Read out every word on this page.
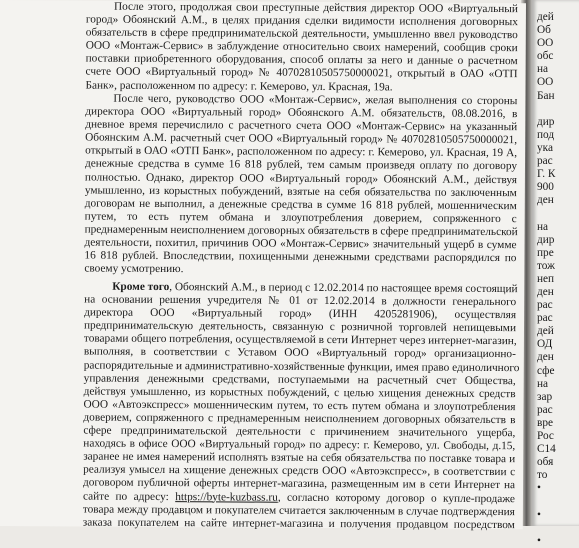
После этого, продолжая свои преступные действия директор ООО «Виртуальный
город» Обоянский А.М., в целях придания сделки видимости исполнения договорных
обязательств в сфере предпринимательской деятельности, умышленно ввел руководство
ООО «Монтаж-Сервис» в заблуждение относительно своих намерений, сообщив сроки
поставки приобретенного оборудования, способ оплаты за него и данные о расчетном
счете ООО «Виртуальный город» № 40702810505750000021, открытый в ОАО «ОТП
Банк», расположенном по адресу: г. Кемерово, ул. Красная, 19а.
После чего, руководство ООО «Монтаж-Сервис», желая выполнения со стороны
директора ООО «Виртуальный город» Обоянского А.М. обязательств, 08.08.2016, в
дневное время перечислило с расчетного счета ООО «Монтаж-Сервис» на указанный
Обоянским А.М. расчетный счет ООО «Виртуальный город» № 40702810505750000021,
открытый в ОАО «ОТП Банк», расположенном по адресу: г. Кемерово, ул. Красная, 19 А,
денежные средства в сумме 16 818 рублей, тем самым произведя оплату по договору
полностью. Однако, директор ООО «Виртуальный город» Обоянский А.М., действуя
умышленно, из корыстных побуждений, взятые на себя обязательства по заключенным
договорам не выполнил, а денежные средства в сумме 16 818 рублей, мошенническим
путем, то есть путем обмана и злоупотребления доверием, сопряженного с
преднамеренным неисполнением договорных обязательств в сфере предпринимательской
деятельности, похитил, причинив ООО «Монтаж-Сервис» значительный ущерб в сумме
16 818 рублей. Впоследствии, похищенными денежными средствами распорядился по
своему усмотрению.
Кроме того, Обоянский А.М., в период с 12.02.2014 по настоящее время состоящий
на основании решения учредителя № 01 от 12.02.2014 в должности генерального
директора ООО «Виртуальный город» (ИНН 4205281906), осуществляя
предпринимательскую деятельность, связанную с розничной торговлей непищевыми
товарами общего потребления, осуществляемой в сети Интернет через интернет-магазин,
выполняя, в соответствии с Уставом ООО «Виртуальный город» организационно-
распорядительные и административно-хозяйственные функции, имея право единоличного
управления денежными средствами, поступаемыми на расчетный счет Общества,
действуя умышленно, из корыстных побуждений, с целью хищения денежных средств
ООО «Автоэкспресс» мошенническим путем, то есть путем обмана и злоупотребления
доверием, сопряженного с преднамеренным неисполнением договорных обязательств в
сфере предпринимательской деятельности с причинением значительного ущерба,
находясь в офисе ООО «Виртуальный город» по адресу: г. Кемерово, ул. Свободы, д.15,
заранее не имея намерений исполнять взятые на себя обязательства по поставке товара и
реализуя умысел на хищение денежных средств ООО «Автоэкспресс», в соответствии с
договором публичной оферты интернет-магазина, размещенным им в сети Интернет на
сайте по адресу: https://byte-kuzbass.ru, согласно которому договор о купле-продаже
товара между продавцом и покупателем считается заключенным в случае подтверждения
заказа покупателем на сайте интернет-магазина и получения продавцом посредством
дей
Об
ОО
обс
на
ОО
Бан
дир
под
ука
рас
Г. К
900
ден
на
дир
пре
тож
неп
ден
рас
рас
дей
ОД
ден
сфе
на
зар
рас
вре
Рос
С14
обя
то
•
•
•
